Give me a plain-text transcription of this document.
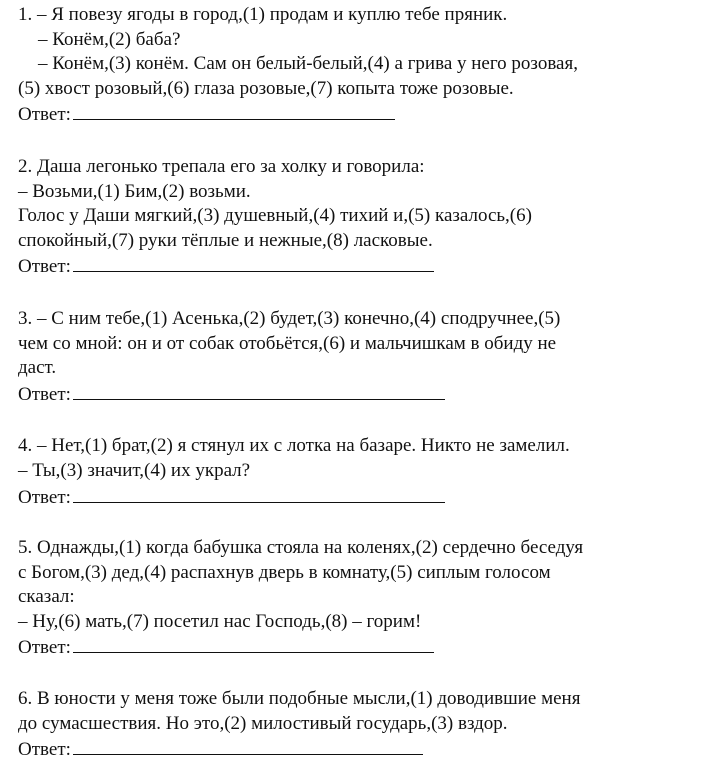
1. – Я повезу ягоды в город,(1) продам и куплю тебе пряник.
– Конём,(2) баба?
– Конём,(3) конём. Сам он белый-белый,(4) а грива у него розовая,
(5) хвост розовый,(6) глаза розовые,(7) копыта тоже розовые.
Ответ:
2. Даша легонько трепала его за холку и говорила:
– Возьми,(1) Бим,(2) возьми.
Голос у Даши мягкий,(3) душевный,(4) тихий и,(5) казалось,(6)
спокойный,(7) руки тёплые и нежные,(8) ласковые.
Ответ:
3. – С ним тебе,(1) Асенька,(2) будет,(3) конечно,(4) сподручнее,(5)
чем со мной: он и от собак отобьётся,(6) и мальчишкам в обиду не
даст.
Ответ:
4. – Нет,(1) брат,(2) я стянул их с лотка на базаре. Никто не замелил.
– Ты,(3) значит,(4) их украл?
Ответ:
5. Однажды,(1) когда бабушка стояла на коленях,(2) сердечно беседуя
с Богом,(3) дед,(4) распахнув дверь в комнату,(5) сиплым голосом
сказал:
– Ну,(6) мать,(7) посетил нас Господь,(8) – горим!
Ответ:
6. В юности у меня тоже были подобные мысли,(1) доводившие меня
до сумасшествия. Но это,(2) милостивый государь,(3) вздор.
Ответ:
